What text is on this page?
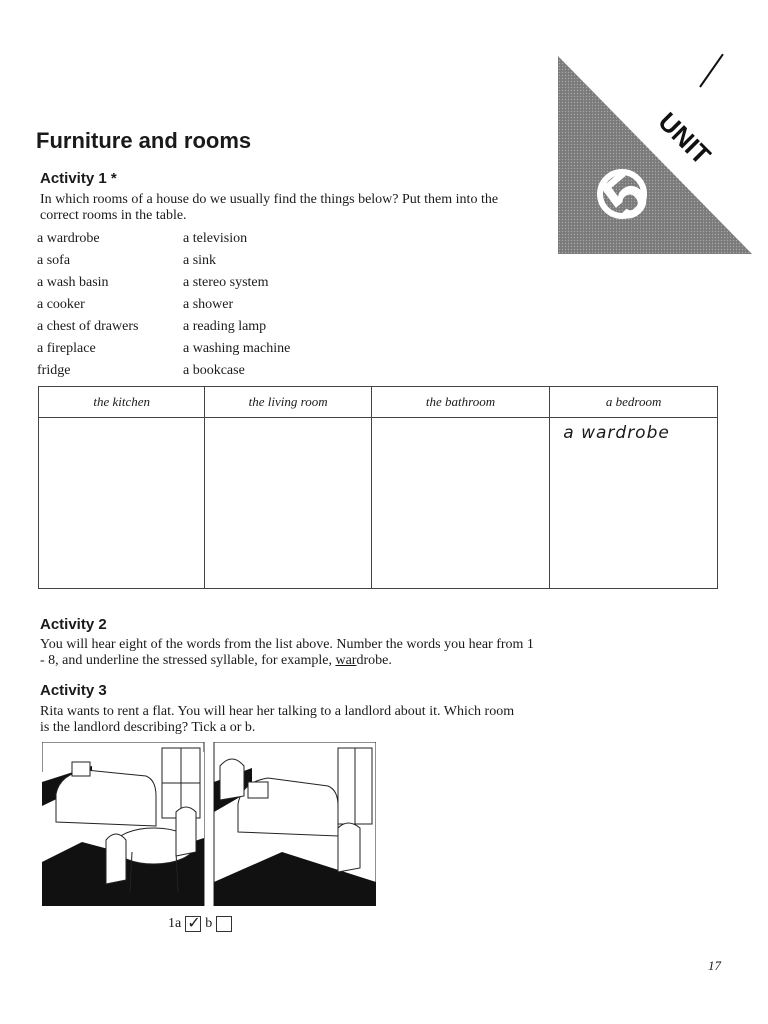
5
UNIT
Furniture and rooms
Activity 1 *

In which rooms of a house do we usually find the things below? Put them into the correct rooms in the table.

a wardrobe
a sofa
a wash basin
a cooker
a chest of drawers
a fireplace
fridge
a television
a sink
a stereo system
a shower
a reading lamp
a washing machine
a bookcase
the kitchen	the living room	the bathroom	a bedroom

			a wardrobe
Activity 2

You will hear eight of the words from the list above. Number the words you hear from 1 - 8, and underline the stressed syllable, for example, wardrobe.

Activity 3

Rita wants to rent a flat. You will hear her talking to a landlord about it. Which room is the landlord describing? Tick a or b.

1a ✓ b
17
